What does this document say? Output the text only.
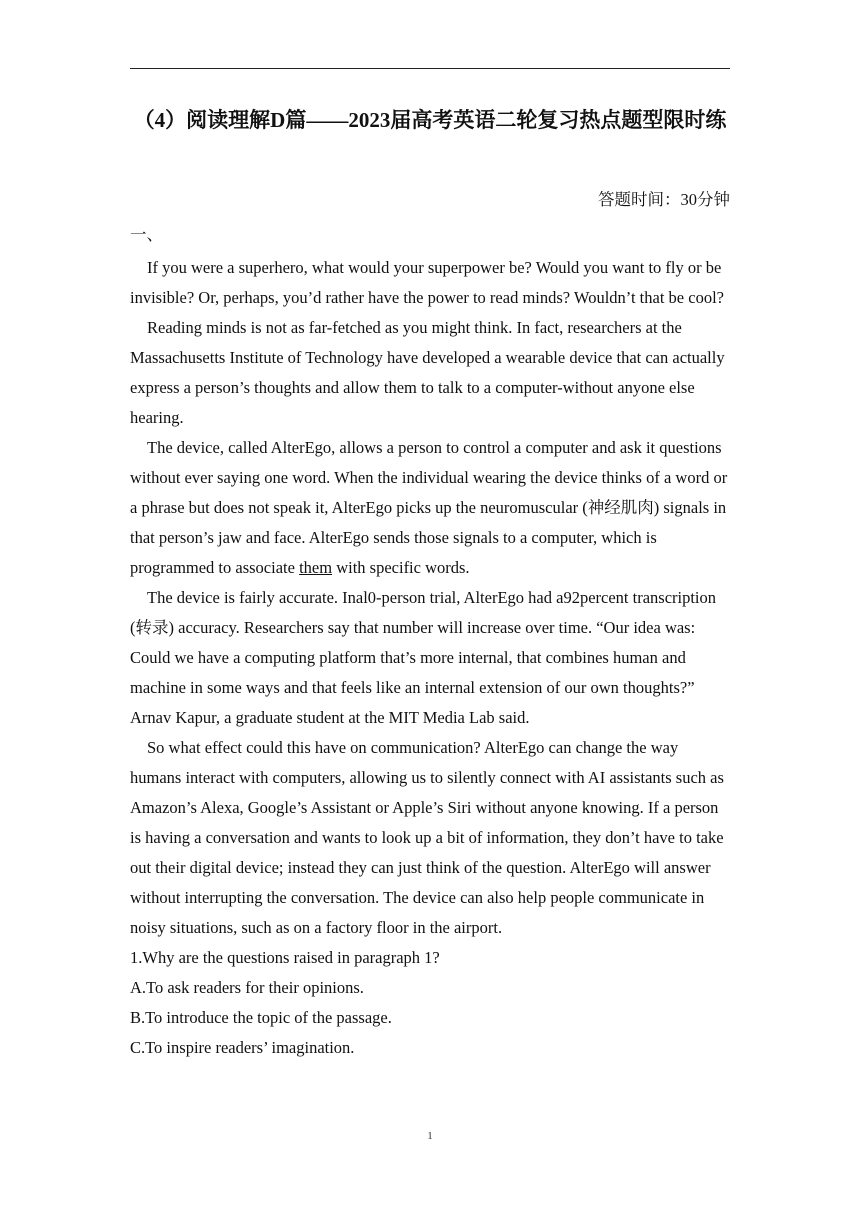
（4）阅读理解D篇——2023届高考英语二轮复习热点题型限时练
答题时间：30分钟
一、

If you were a superhero, what would your superpower be? Would you want to fly or be invisible? Or, perhaps, you’d rather have the power to read minds? Wouldn’t that be cool?

Reading minds is not as far-fetched as you might think. In fact, researchers at the Massachusetts Institute of Technology have developed a wearable device that can actually express a person’s thoughts and allow them to talk to a computer-without anyone else hearing.

The device, called AlterEgo, allows a person to control a computer and ask it questions without ever saying one word. When the individual wearing the device thinks of a word or a phrase but does not speak it, AlterEgo picks up the neuromuscular (神经肌肉) signals in that person’s jaw and face. AlterEgo sends those signals to a computer, which is programmed to associate them with specific words.

The device is fairly accurate. Inal0-person trial, AlterEgo had a92percent transcription (转录) accuracy. Researchers say that number will increase over time. “Our idea was: Could we have a computing platform that’s more internal, that combines human and machine in some ways and that feels like an internal extension of our own thoughts?” Arnav Kapur, a graduate student at the MIT Media Lab said.

So what effect could this have on communication? AlterEgo can change the way humans interact with computers, allowing us to silently connect with AI assistants such as Amazon’s Alexa, Google’s Assistant or Apple’s Siri without anyone knowing. If a person is having a conversation and wants to look up a bit of information, they don’t have to take out their digital device; instead they can just think of the question. AlterEgo will answer without interrupting the conversation. The device can also help people communicate in noisy situations, such as on a factory floor in the airport.

1.Why are the questions raised in paragraph 1?

A.To ask readers for their opinions.

B.To introduce the topic of the passage.

C.To inspire readers’ imagination.

1
